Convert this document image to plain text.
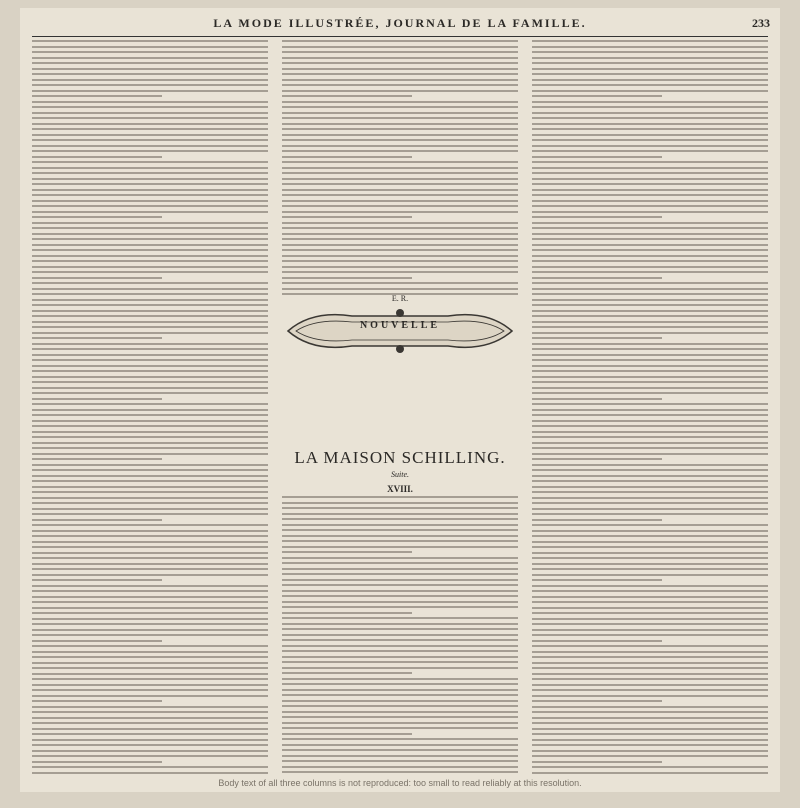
LA MODE ILLUSTRÉE, JOURNAL DE LA FAMILLE.	233
E. R.
NOUVELLE
LA MAISON SCHILLING.
Suite.
XVIII.
Body text of all three columns is not reproduced: too small to read reliably at this resolution.
